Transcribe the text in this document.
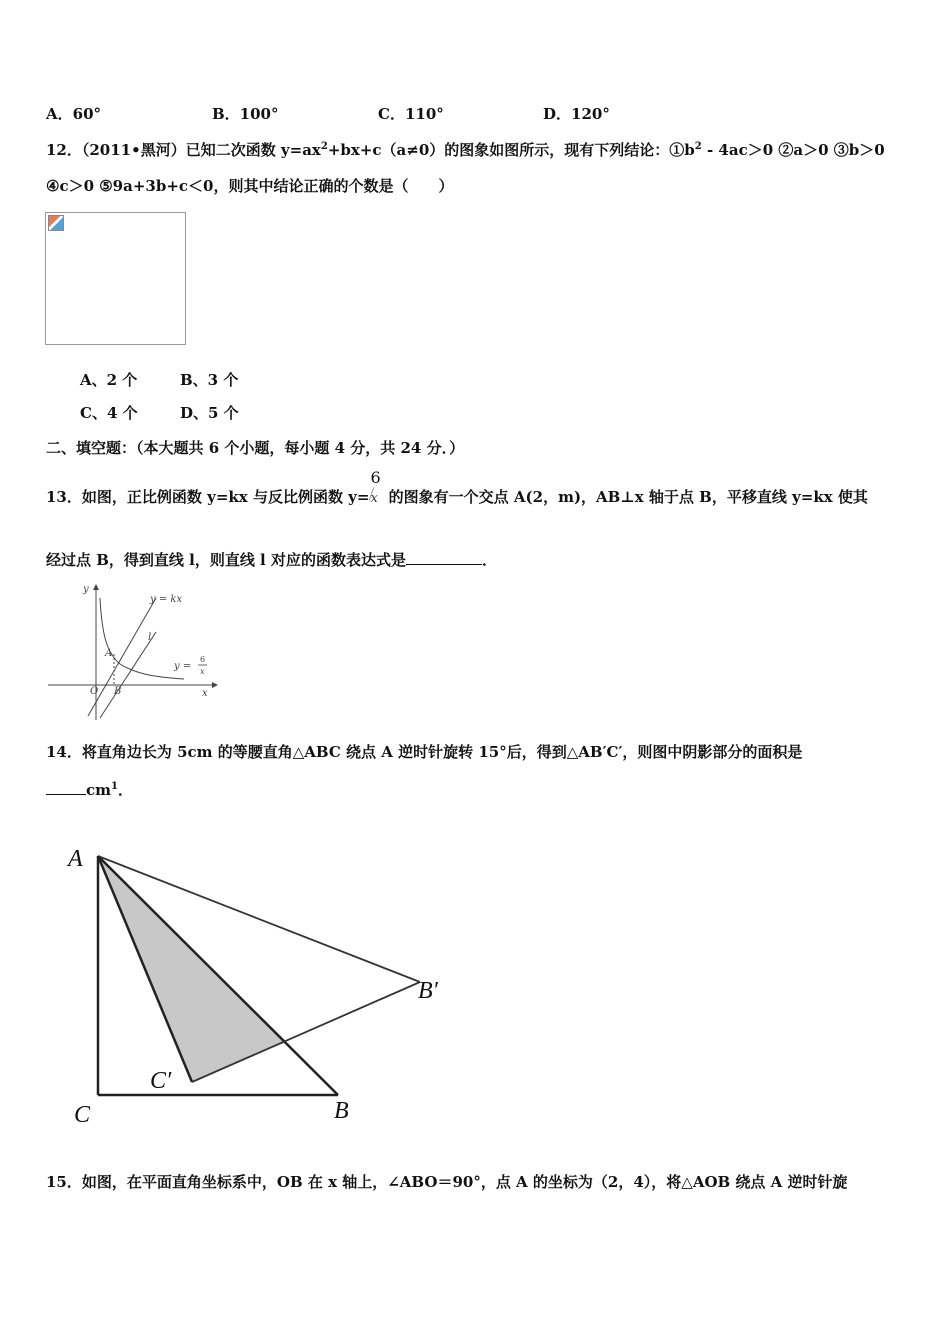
A．60°	B．100°	C．110°	D．120°
12．（2011•黑河）已知二次函数 $y=ax^2+bx+c(a\ne 0)$的图象如图所示，现有下列结论：$①b^2 - 4ac>0$ ②a＞0 ③b＞0
④c＞0 ⑤9a+3b+c＜0，则其中结论正确的个数是（　　）
A、2 个	B、3 个
C、4 个	D、5 个
二、填空题：（本大题共 6 个小题，每小题 4 分，共 24 分．）
13．如图，正比例函数 y=kx 与反比例函数 y=
6
x 的图象有一个交点 A(2，m)，AB⊥x 轴于点 B，平移直线 y=kx 使其
经过点 B，得到直线 l，则直线 l 对应的函数表达式是	．
y
y = kx
l
A
y =
6
x
O B	x
14．将直角边长为 5cm 的等腰直角△ABC 绕点 A 逆时针旋转 15°后，得到△AB′C′，则图中阴影部分的面积是
$cm^1$．
A
B′
C′
C	B
15．如图，在平面直角坐标系中，OB 在 x 轴上，∠ABO＝90°，点 A 的坐标为（2，4），将△AOB 绕点 A 逆时针旋
